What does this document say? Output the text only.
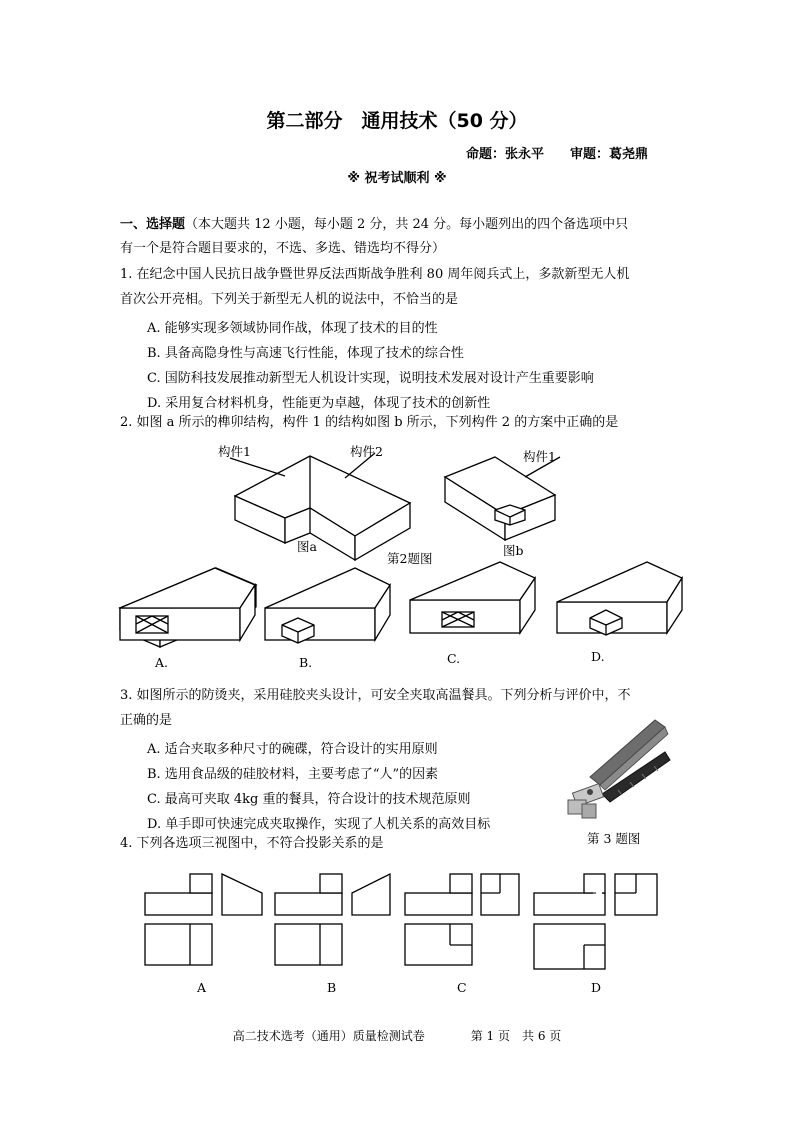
第二部分　通用技术（50 分）
命题：张永平 审题：葛尧鼎
※ 祝考试顺利 ※
一、选择题（本大题共 12 小题，每小题 2 分，共 24 分。每小题列出的四个备选项中只
有一个是符合题目要求的，不选、多选、错选均不得分）
1. 在纪念中国人民抗日战争暨世界反法西斯战争胜利 80 周年阅兵式上，多款新型无人机
首次公开亮相。下列关于新型无人机的说法中，不恰当的是
A. 能够实现多领域协同作战，体现了技术的目的性
B. 具备高隐身性与高速飞行性能，体现了技术的综合性
C. 国防科技发展推动新型无人机设计实现，说明技术发展对设计产生重要影响
D. 采用复合材料机身，性能更为卓越，体现了技术的创新性
2. 如图 a 所示的榫卯结构，构件 1 的结构如图 b 所示，下列构件 2 的方案中正确的是
构件1	构件2
图a
构件1
图b
第2题图
A.	B.	C.	D.
3. 如图所示的防烫夹，采用硅胶夹头设计，可安全夹取高温餐具。下列分析与评价中，不
正确的是
A. 适合夹取多种尺寸的碗碟，符合设计的实用原则
B. 选用食品级的硅胶材料，主要考虑了“人”的因素
C. 最高可夹取 4kg 重的餐具，符合设计的技术规范原则
D. 单手即可快速完成夹取操作，实现了人机关系的高效目标
第 3 题图
4. 下列各选项三视图中，不符合投影关系的是
A	B	C	D
高二技术选考（通用）质量检测试卷	第 1 页　共 6 页
